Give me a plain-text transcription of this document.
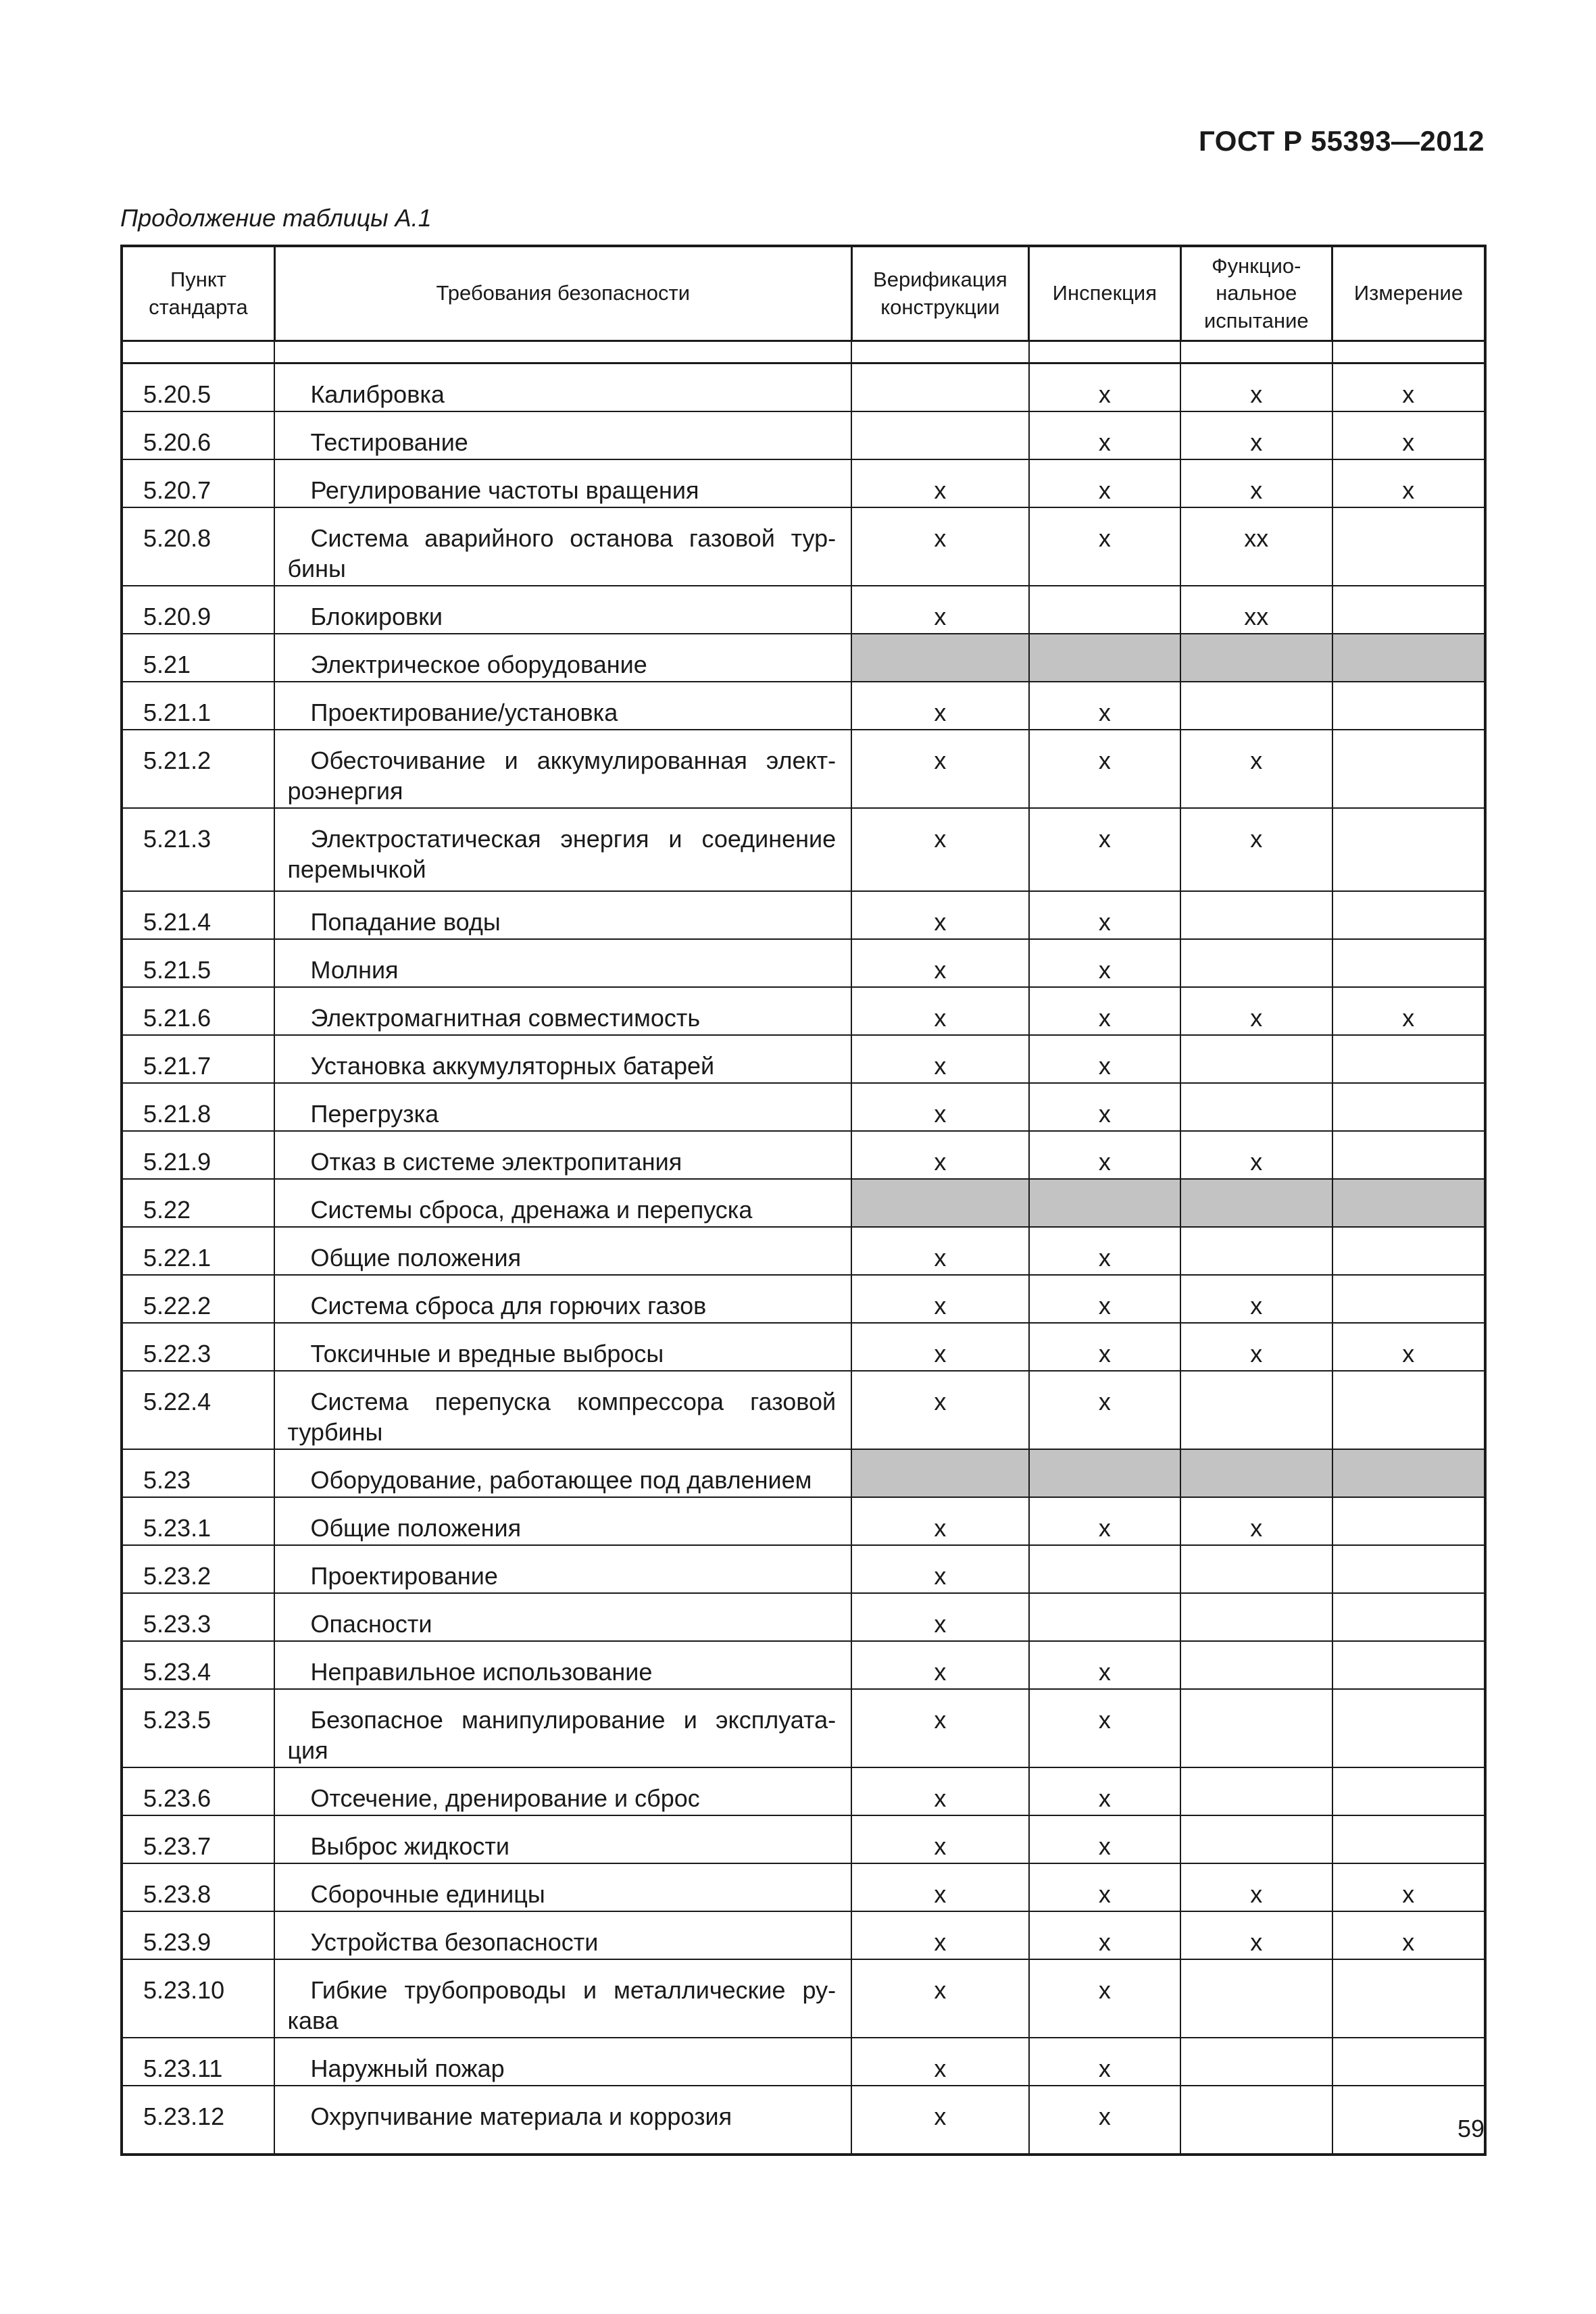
ГОСТ Р 55393—2012
Продолжение таблицы А.1
Пункт стандарта	Требования безопасности	Верификация конструкции	Инспекция	Функцио-нальное испытание	Измерение

5.20.5	Калибровка		x	x	x
5.20.6	Тестирование		x	x	x
5.20.7	Регулирование частоты вращения	x	x	x	x
5.20.8	Система аварийного останова газовой тур-бины	x	x	xx	
5.20.9	Блокировки	x		xx	
5.21	Электрическое оборудование				

5.21.1	Проектирование/установка	x	x		
5.21.2	Обесточивание и аккумулированная элект-роэнергия	x	x	x	
5.21.3	Электростатическая энергия и соединение перемычкой	x	x	x	
5.21.4	Попадание воды	x	x		
5.21.5	Молния	x	x		
5.21.6	Электромагнитная совместимость	x	x	x	x
5.21.7	Установка аккумуляторных батарей	x	x		
5.21.8	Перегрузка	x	x		
5.21.9	Отказ в системе электропитания	x	x	x	
5.22	Системы сброса, дренажа и перепуска				

5.22.1	Общие положения	x	x		
5.22.2	Система сброса для горючих газов	x	x	x	
5.22.3	Токсичные и вредные выбросы	x	x	x	x
5.22.4	Система перепуска компрессора газовой турбины	x	x		
5.23	Оборудование, работающее под давлением				

5.23.1	Общие положения	x	x	x	
5.23.2	Проектирование	x			
5.23.3	Опасности	x			
5.23.4	Неправильное использование	x	x		
5.23.5	Безопасное манипулирование и эксплуата-ция	x	x		
5.23.6	Отсечение, дренирование и сброс	x	x		
5.23.7	Выброс жидкости	x	x		
5.23.8	Сборочные единицы	x	x	x	x
5.23.9	Устройства безопасности	x	x	x	x
5.23.10	Гибкие трубопроводы и металлические ру-кава	x	x		
5.23.11	Наружный пожар	x	x		
5.23.12	Охрупчивание материала и коррозия	x	x			59
